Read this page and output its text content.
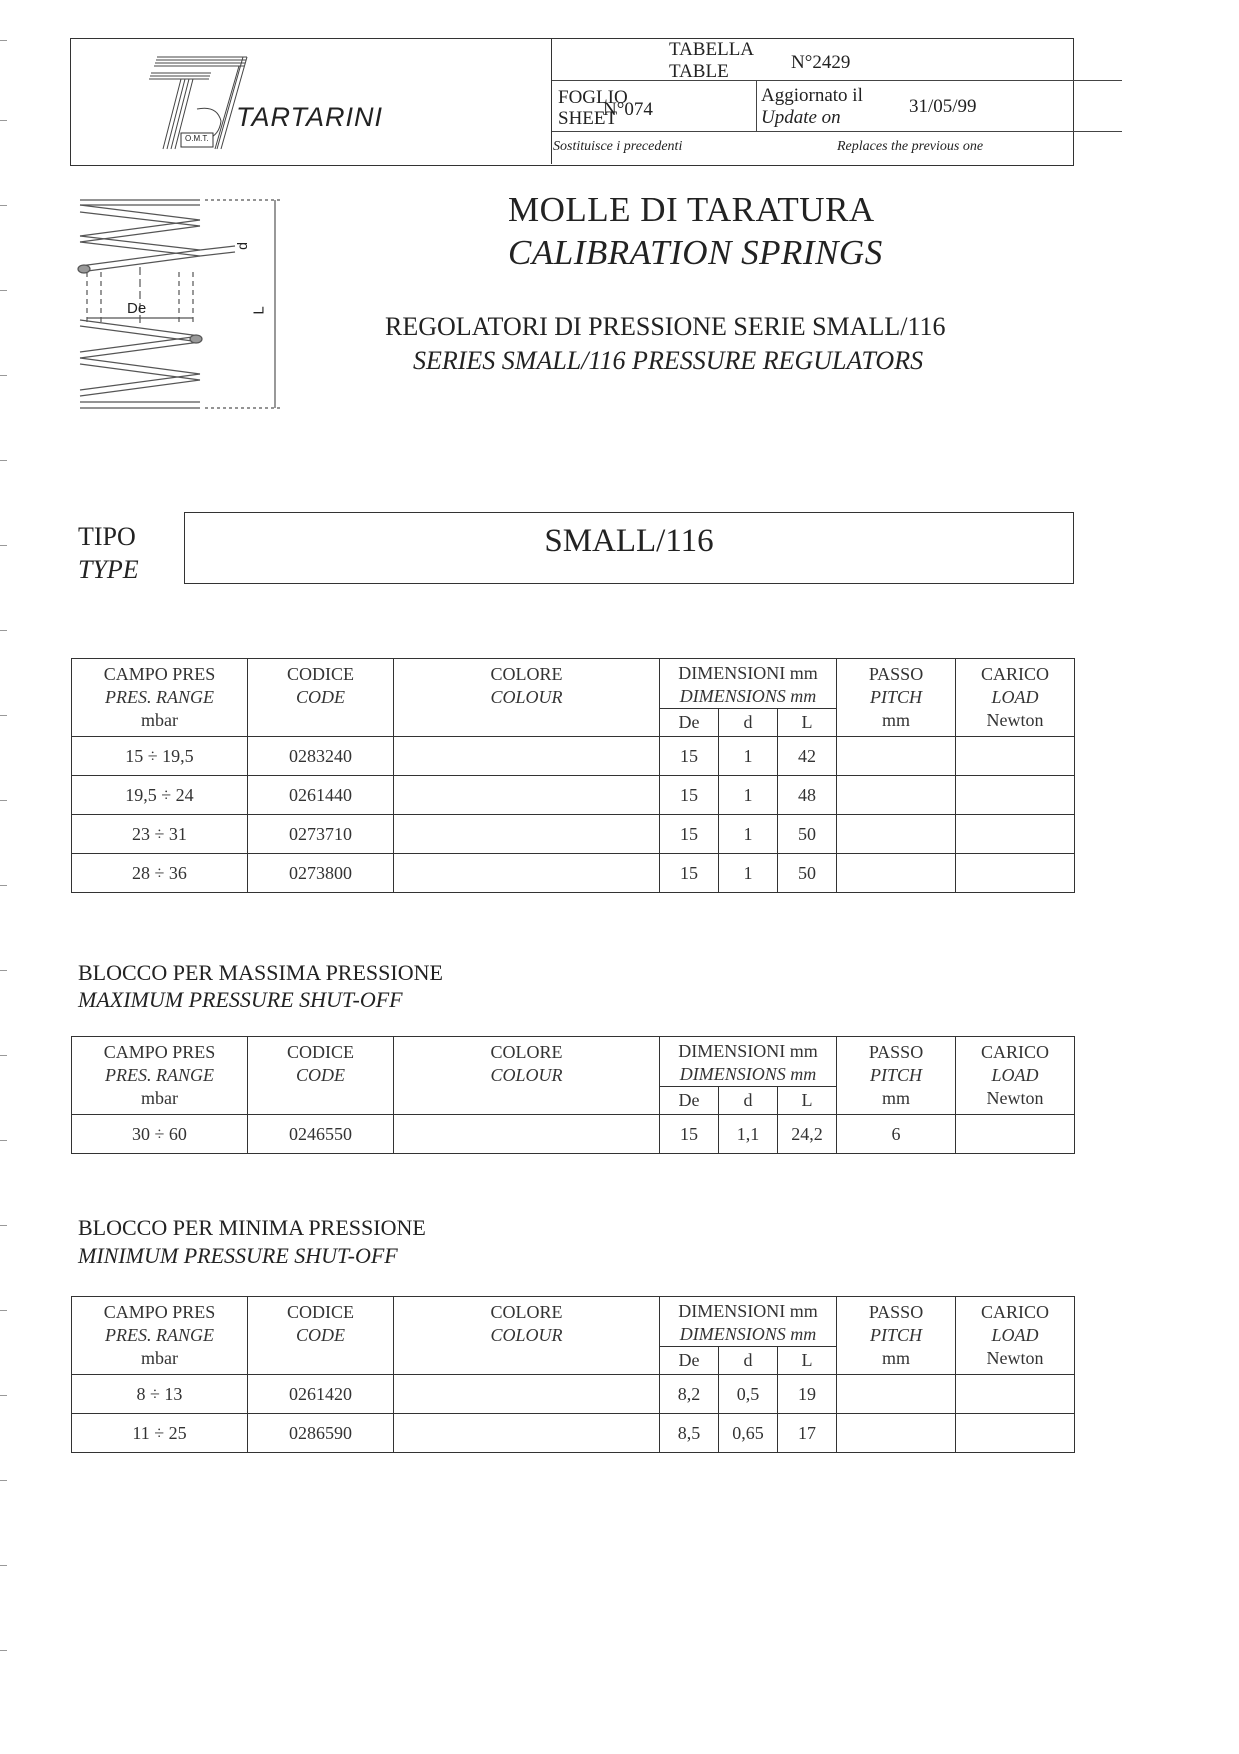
O.M.T.
TARTARINI
TABELLA
TABLE	N°2429
FOGLIO
SHEET
N°074
Aggiornato il
Update on
31/05/99
Sostituisce i precedenti	Replaces the previous one
De
d
L
MOLLE DI TARATURA
CALIBRATION SPRINGS
REGOLATORI DI PRESSIONE SERIE SMALL/116
SERIES SMALL/116 PRESSURE REGULATORS
TIPO
TYPE
SMALL/116
CAMPO PRES
PRES. RANGE
mbar	CODICE
CODE	COLORE
COLOUR	DIMENSIONI mm
DIMENSIONS mm			PASSO
PITCH
mm	CARICO
LOAD
Newton

			De	d	L		
15 ÷ 19,5	0283240		15	1	42		
19,5 ÷ 24	0261440		15	1	48		
23 ÷ 31	0273710		15	1	50		
28 ÷ 36	0273800		15	1	50		
BLOCCO PER MASSIMA PRESSIONE
MAXIMUM PRESSURE SHUT-OFF
CAMPO PRES
PRES. RANGE
mbar	CODICE
CODE	COLORE
COLOUR	DIMENSIONI mm
DIMENSIONS mm			PASSO
PITCH
mm	CARICO
LOAD
Newton

			De	d	L		
30 ÷ 60	0246550		15	1,1	24,2	6	
BLOCCO PER MINIMA PRESSIONE
MINIMUM PRESSURE SHUT-OFF
CAMPO PRES
PRES. RANGE
mbar	CODICE
CODE	COLORE
COLOUR	DIMENSIONI mm
DIMENSIONS mm			PASSO
PITCH
mm	CARICO
LOAD
Newton

			De	d	L		
8 ÷ 13	0261420		8,2	0,5	19		
11 ÷ 25	0286590		8,5	0,65	17		
